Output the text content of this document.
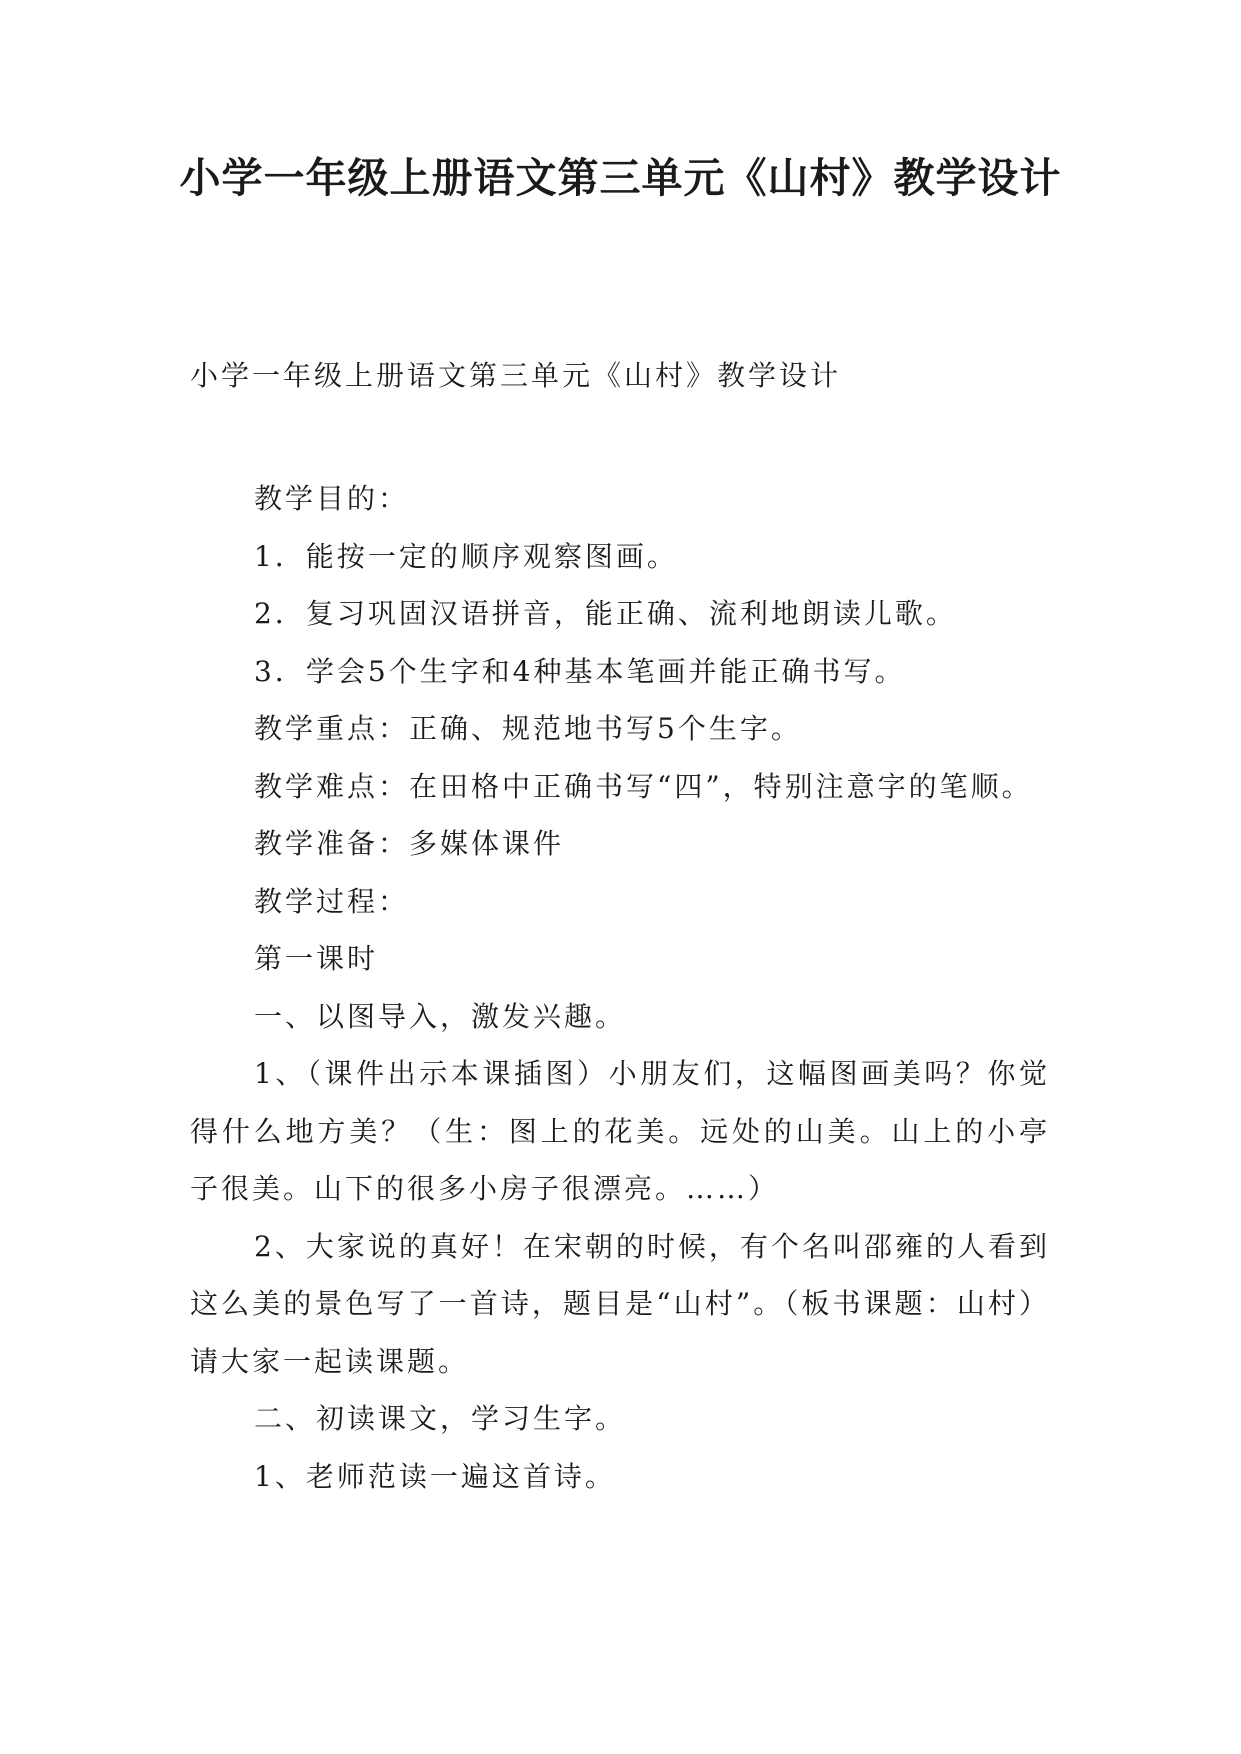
小学一年级上册语文第三单元《山村》教学设计

小学一年级上册语文第三单元《山村》教学设计

教学目的：

1．能按一定的顺序观察图画。

2．复习巩固汉语拼音，能正确、流利地朗读儿歌。

3．学会5个生字和4种基本笔画并能正确书写。

教学重点：正确、规范地书写5个生字。

教学难点：在田格中正确书写“四”，特别注意字的笔顺。

教学准备：多媒体课件

教学过程：

第一课时

一、以图导入，激发兴趣。

1、（课件出示本课插图）小朋友们，这幅图画美吗？你觉得什么地方美？（生：图上的花美。远处的山美。山上的小亭子很美。山下的很多小房子很漂亮。……）

2、大家说的真好！在宋朝的时候，有个名叫邵雍的人看到这么美的景色写了一首诗，题目是“山村”。（板书课题：山村）请大家一起读课题。

二、初读课文，学习生字。

1、老师范读一遍这首诗。
